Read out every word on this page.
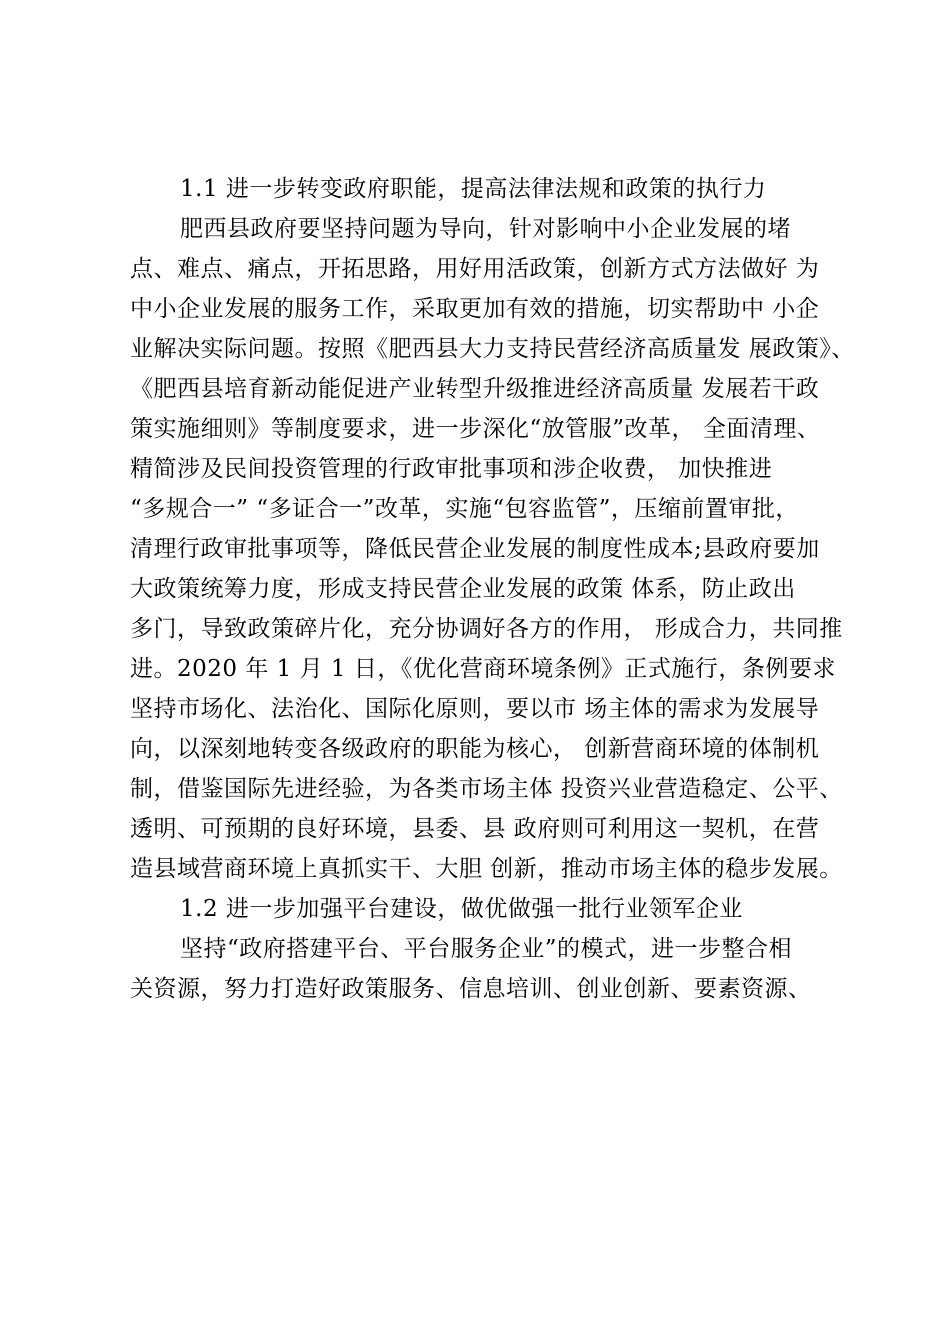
1.1 进一步转变政府职能，提高法律法规和政策的执行力
肥西县政府要坚持问题为导向，针对影响中小企业发展的堵
点、难点、痛点，开拓思路，用好用活政策，创新方式方法做好 为
中小企业发展的服务工作，采取更加有效的措施，切实帮助中 小企
业解决实际问题。按照《肥西县大力支持民营经济高质量发 展政策》、
《肥西县培育新动能促进产业转型升级推进经济高质量 发展若干政
策实施细则》等制度要求，进一步深化“放管服”改革， 全面清理、
精简涉及民间投资管理的行政审批事项和涉企收费， 加快推进
“多规合一” “多证合一”改革，实施“包容监管”，压缩前置审批，
清理行政审批事项等，降低民营企业发展的制度性成本;县政府要加
大政策统筹力度，形成支持民营企业发展的政策 体系，防止政出
多门，导致政策碎片化，充分协调好各方的作用， 形成合力，共同推
进。2020 年 1 月 1 日，《优化营商环境条例》正式施行，条例要求
坚持市场化、法治化、国际化原则，要以市 场主体的需求为发展导
向，以深刻地转变各级政府的职能为核心， 创新营商环境的体制机
制，借鉴国际先进经验，为各类市场主体 投资兴业营造稳定、公平、
透明、可预期的良好环境，县委、县 政府则可利用这一契机，在营
造县域营商环境上真抓实干、大胆 创新，推动市场主体的稳步发展。
1.2 进一步加强平台建设，做优做强一批行业领军企业
坚持“政府搭建平台、平台服务企业”的模式，进一步整合相
关资源，努力打造好政策服务、信息培训、创业创新、要素资源、
